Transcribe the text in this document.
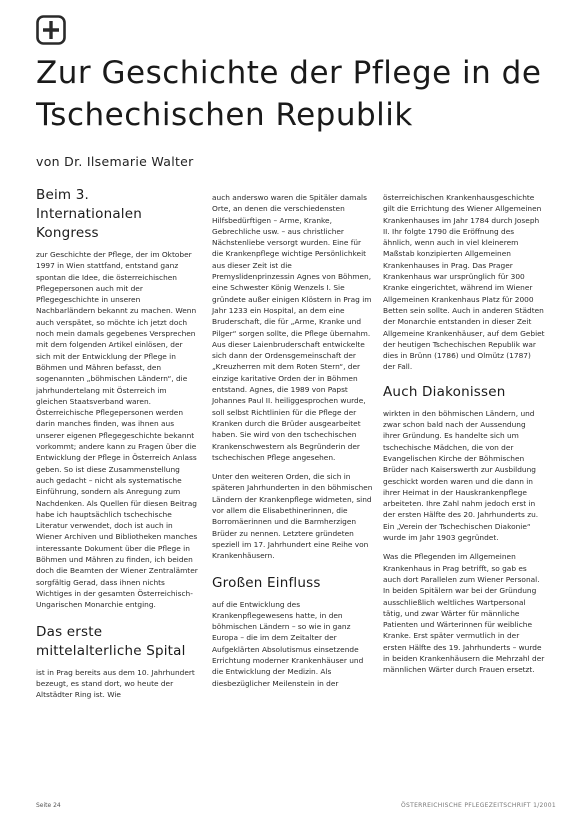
Zur Geschichte der Pflege in de
Tschechischen Republik
von Dr. Ilsemarie Walter
Beim 3. Internationalen Kongress

zur Geschichte der Pflege, der im Oktober 1997 in Wien stattfand, entstand ganz spontan die Idee, die österreichischen Pflegepersonen auch mit der Pflegegeschichte in unseren Nachbarländern bekannt zu machen. Wenn auch verspätet, so möchte ich jetzt doch noch mein damals gegebenes Versprechen mit dem folgenden Artikel einlösen, der sich mit der Entwicklung der Pflege in Böhmen und Mähren befasst, den sogenannten „böhmischen Ländern“, die jahrhundertelang mit Österreich im gleichen Staatsverband waren. Österreichische Pflegepersonen werden darin manches finden, was ihnen aus unserer eigenen Pflegegeschichte bekannt vorkommt; andere kann zu Fragen über die Entwicklung der Pflege in Österreich Anlass geben. So ist diese Zusammenstellung auch gedacht – nicht als systematische Einführung, sondern als Anregung zum Nachdenken. Als Quellen für diesen Beitrag habe ich hauptsächlich tschechische Literatur verwendet, doch ist auch in Wiener Archiven und Bibliotheken manches interessante Dokument über die Pflege in Böhmen und Mähren zu finden, ich beiden doch die Beamten der Wiener Zentralämter sorgfältig Gerad, dass ihnen nichts Wichtiges in der gesamten Österreichisch-Ungarischen Monarchie entging.

Das erste mittelalterliche Spital

ist in Prag bereits aus dem 10. Jahrhundert bezeugt, es stand dort, wo heute der Altstädter Ring ist. Wie

auch anderswo waren die Spitäler damals Orte, an denen die verschiedensten Hilfsbedürftigen – Arme, Kranke, Gebrechliche usw. – aus christlicher Nächstenliebe versorgt wurden. Eine für die Krankenpflege wichtige Persönlichkeit aus dieser Zeit ist die Premyslidenprinzessin Agnes von Böhmen, eine Schwester König Wenzels I. Sie gründete außer einigen Klöstern in Prag im Jahr 1233 ein Hospital, an dem eine Bruderschaft, die für „Arme, Kranke und Pilger“ sorgen sollte, die Pflege übernahm. Aus dieser Laienbruderschaft entwickelte sich dann der Ordensgemeinschaft der „Kreuzherren mit dem Roten Stern“, der einzige karitative Orden der in Böhmen entstand. Agnes, die 1989 von Papst Johannes Paul II. heiliggesprochen wurde, soll selbst Richtlinien für die Pflege der Kranken durch die Brüder ausgearbeitet haben. Sie wird von den tschechischen Krankenschwestern als Begründerin der tschechischen Pflege angesehen.

Unter den weiteren Orden, die sich in späteren Jahrhunderten in den böhmischen Ländern der Krankenpflege widmeten, sind vor allem die Elisabethinerinnen, die Borromäerinnen und die Barmherzigen Brüder zu nennen. Letztere gründeten speziell im 17. Jahrhundert eine Reihe von Krankenhäusern.

Großen Einfluss

auf die Entwicklung des Krankenpflegewesens hatte, in den böhmischen Ländern – so wie in ganz Europa – die im dem Zeitalter der Aufgeklärten Absolutismus einsetzende Errichtung moderner Krankenhäuser und die Entwicklung der Medizin. Als diesbezüglicher Meilenstein in der

österreichischen Krankenhausgeschichte gilt die Errichtung des Wiener Allgemeinen Krankenhauses im Jahr 1784 durch Joseph II. Ihr folgte 1790 die Eröffnung des ähnlich, wenn auch in viel kleinerem Maßstab konzipierten Allgemeinen Krankenhauses in Prag. Das Prager Krankenhaus war ursprünglich für 300 Kranke eingerichtet, während im Wiener Allgemeinen Krankenhaus Platz für 2000 Betten sein sollte. Auch in anderen Städten der Monarchie entstanden in dieser Zeit Allgemeine Krankenhäuser, auf dem Gebiet der heutigen Tschechischen Republik war dies in Brünn (1786) und Olmütz (1787) der Fall.

Auch Diakonissen

wirkten in den böhmischen Ländern, und zwar schon bald nach der Aussendung ihrer Gründung. Es handelte sich um tschechische Mädchen, die von der Evangelischen Kirche der Böhmischen Brüder nach Kaiserswerth zur Ausbildung geschickt worden waren und die dann in ihrer Heimat in der Hauskrankenpflege arbeiteten. Ihre Zahl nahm jedoch erst in der ersten Hälfte des 20. Jahrhunderts zu. Ein „Verein der Tschechischen Diakonie“ wurde im Jahr 1903 gegründet.

Was die Pflegenden im Allgemeinen Krankenhaus in Prag betrifft, so gab es auch dort Parallelen zum Wiener Personal. In beiden Spitälern war bei der Gründung ausschließlich weltliches Wartpersonal tätig, und zwar Wärter für männliche Patienten und Wärterinnen für weibliche Kranke. Erst später vermutlich in der ersten Hälfte des 19. Jahrhunderts – wurde in beiden Krankenhäusern die Mehrzahl der männlichen Wärter durch Frauen ersetzt.

Seite 24	ÖSTERREICHISCHE PFLEGEZEITSCHRIFT 1/2001
